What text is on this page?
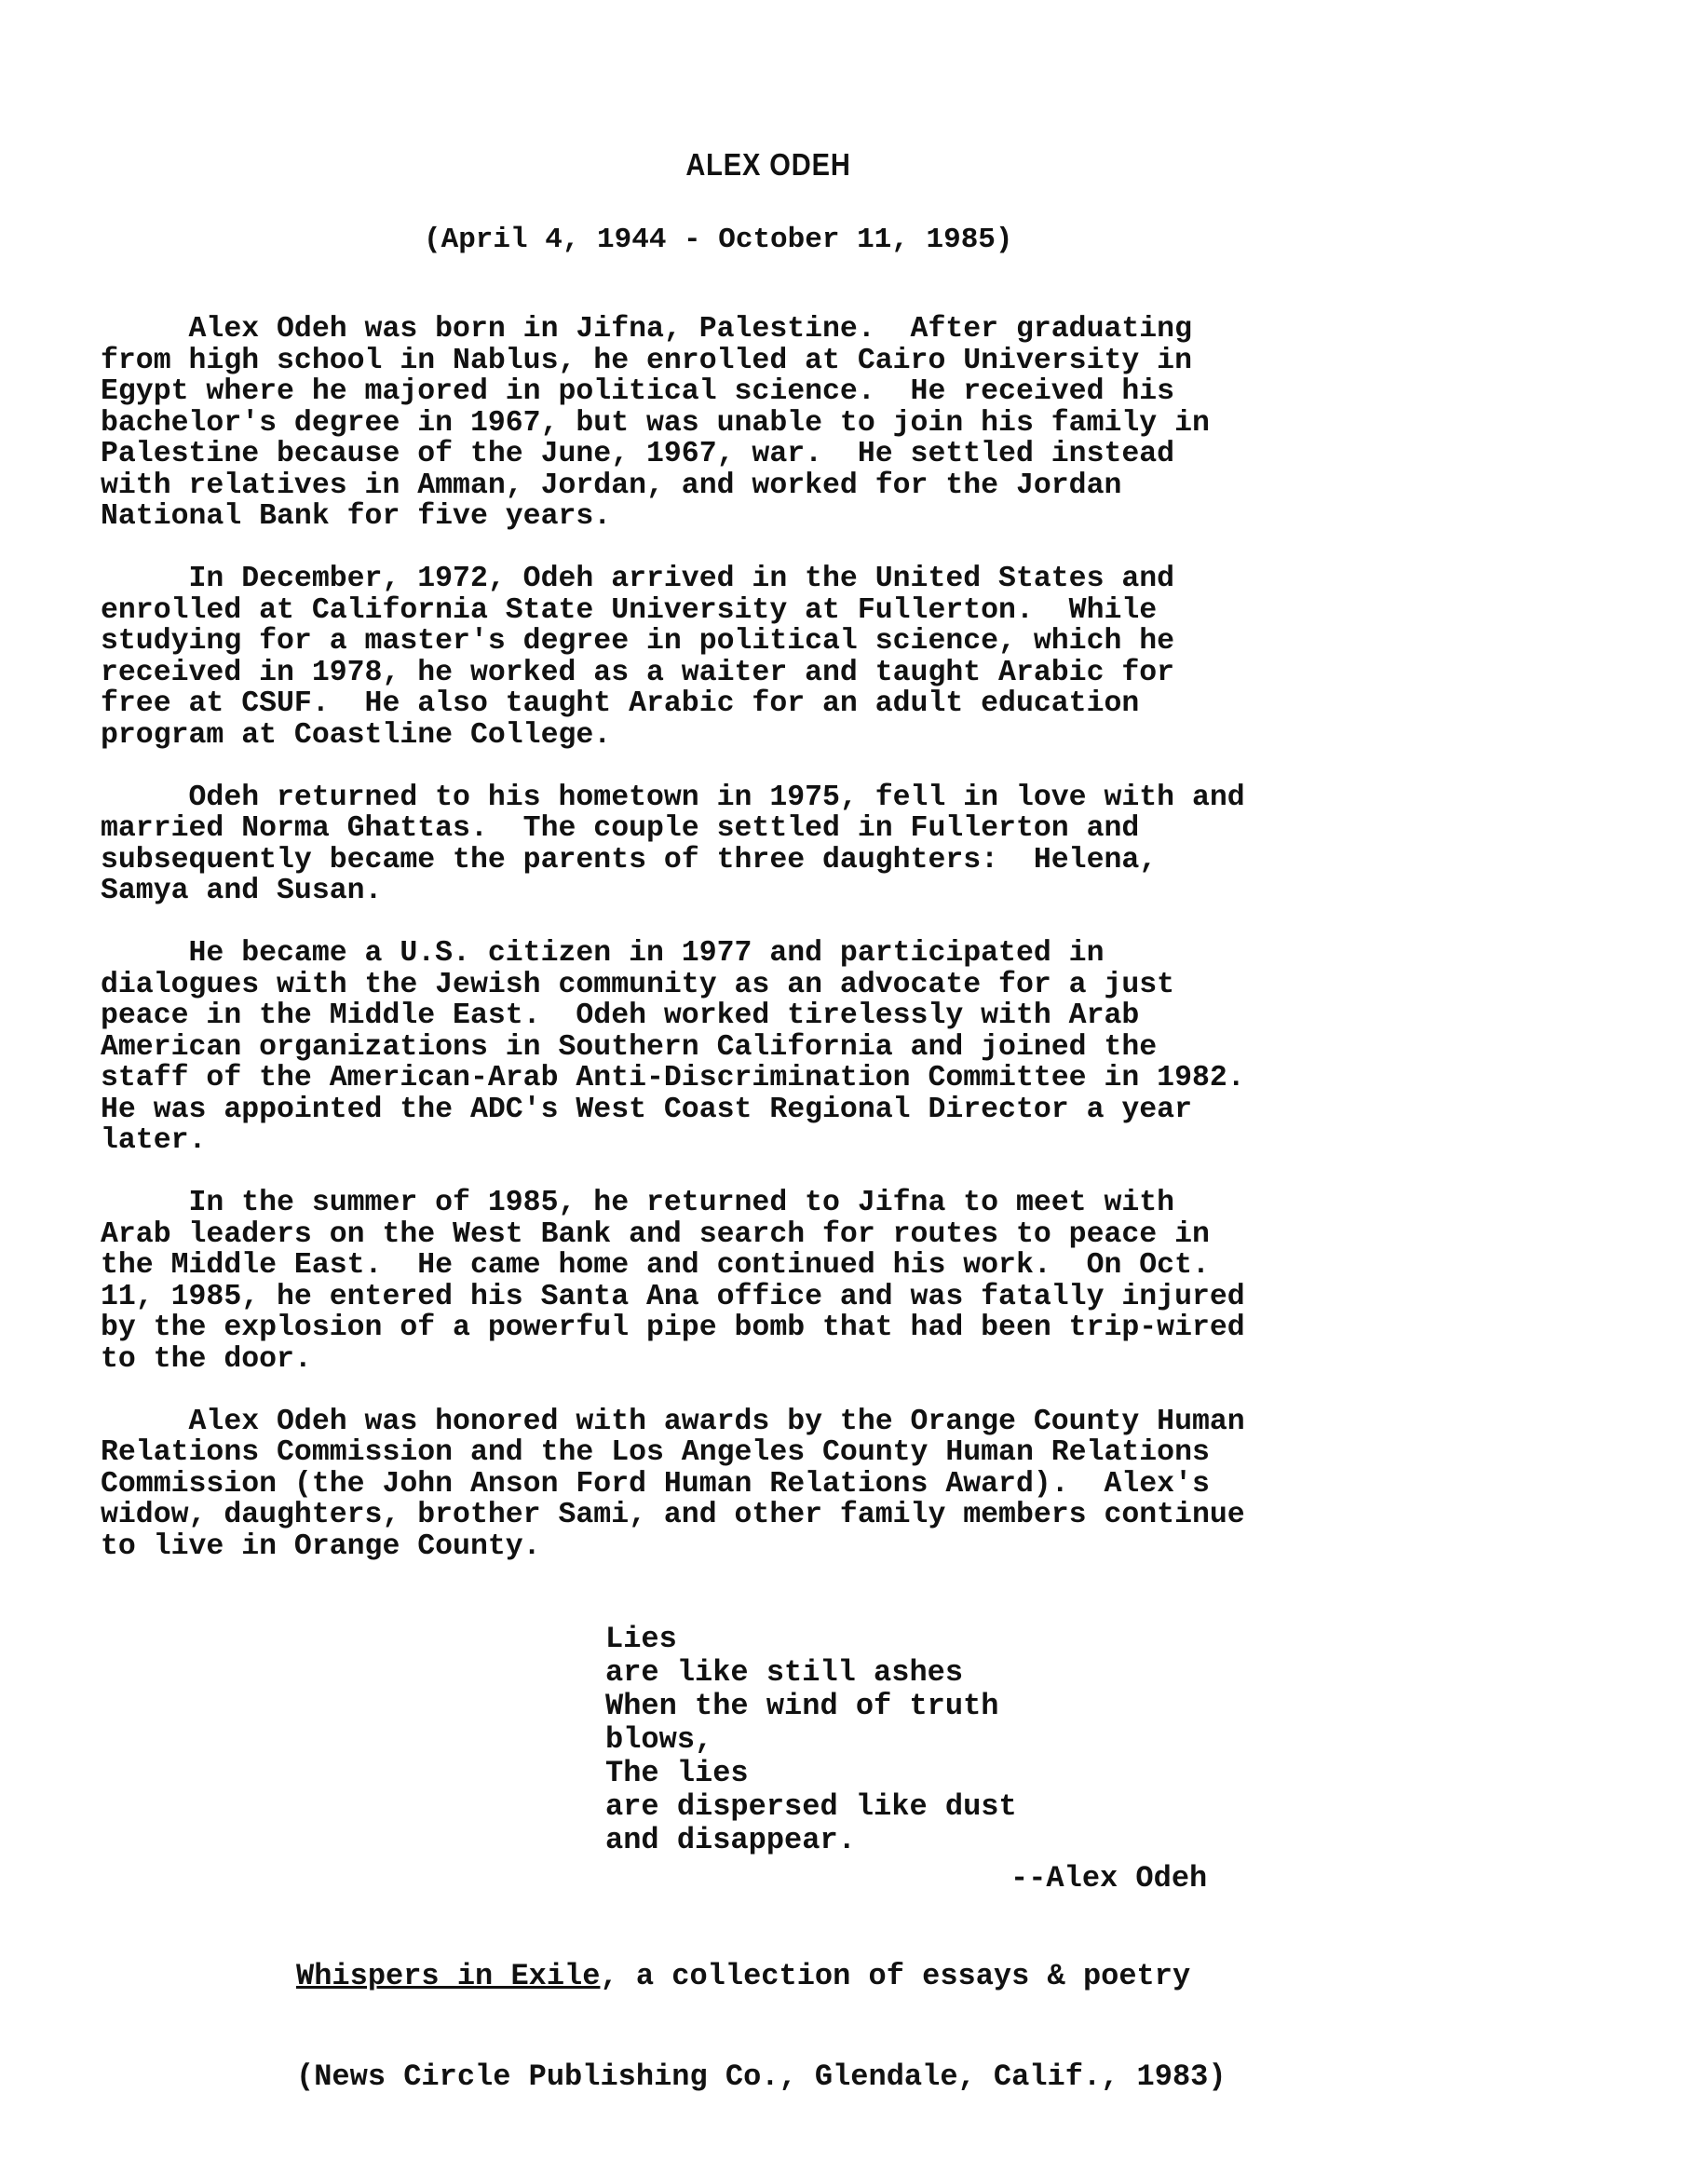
ALEX ODEH
(April 4, 1944 - October 11, 1985)
Alex Odeh was born in Jifna, Palestine.  After graduating
from high school in Nablus, he enrolled at Cairo University in
Egypt where he majored in political science.  He received his
bachelor's degree in 1967, but was unable to join his family in
Palestine because of the June, 1967, war.  He settled instead
with relatives in Amman, Jordan, and worked for the Jordan
National Bank for five years.
In December, 1972, Odeh arrived in the United States and
enrolled at California State University at Fullerton.  While
studying for a master's degree in political science, which he
received in 1978, he worked as a waiter and taught Arabic for
free at CSUF.  He also taught Arabic for an adult education
program at Coastline College.
Odeh returned to his hometown in 1975, fell in love with and
married Norma Ghattas.  The couple settled in Fullerton and
subsequently became the parents of three daughters:  Helena,
Samya and Susan.
He became a U.S. citizen in 1977 and participated in
dialogues with the Jewish community as an advocate for a just
peace in the Middle East.  Odeh worked tirelessly with Arab
American organizations in Southern California and joined the
staff of the American-Arab Anti-Discrimination Committee in 1982.
He was appointed the ADC's West Coast Regional Director a year
later.
In the summer of 1985, he returned to Jifna to meet with
Arab leaders on the West Bank and search for routes to peace in
the Middle East.  He came home and continued his work.  On Oct.
11, 1985, he entered his Santa Ana office and was fatally injured
by the explosion of a powerful pipe bomb that had been trip-wired
to the door.
Alex Odeh was honored with awards by the Orange County Human
Relations Commission and the Los Angeles County Human Relations
Commission (the John Anson Ford Human Relations Award).  Alex's
widow, daughters, brother Sami, and other family members continue
to live in Orange County.
Lies
are like still ashes
When the wind of truth
blows,
The lies
are dispersed like dust
and disappear.
--Alex Odeh

Whispers in Exile, a collection of essays & poetry

(News Circle Publishing Co., Glendale, Calif., 1983)
